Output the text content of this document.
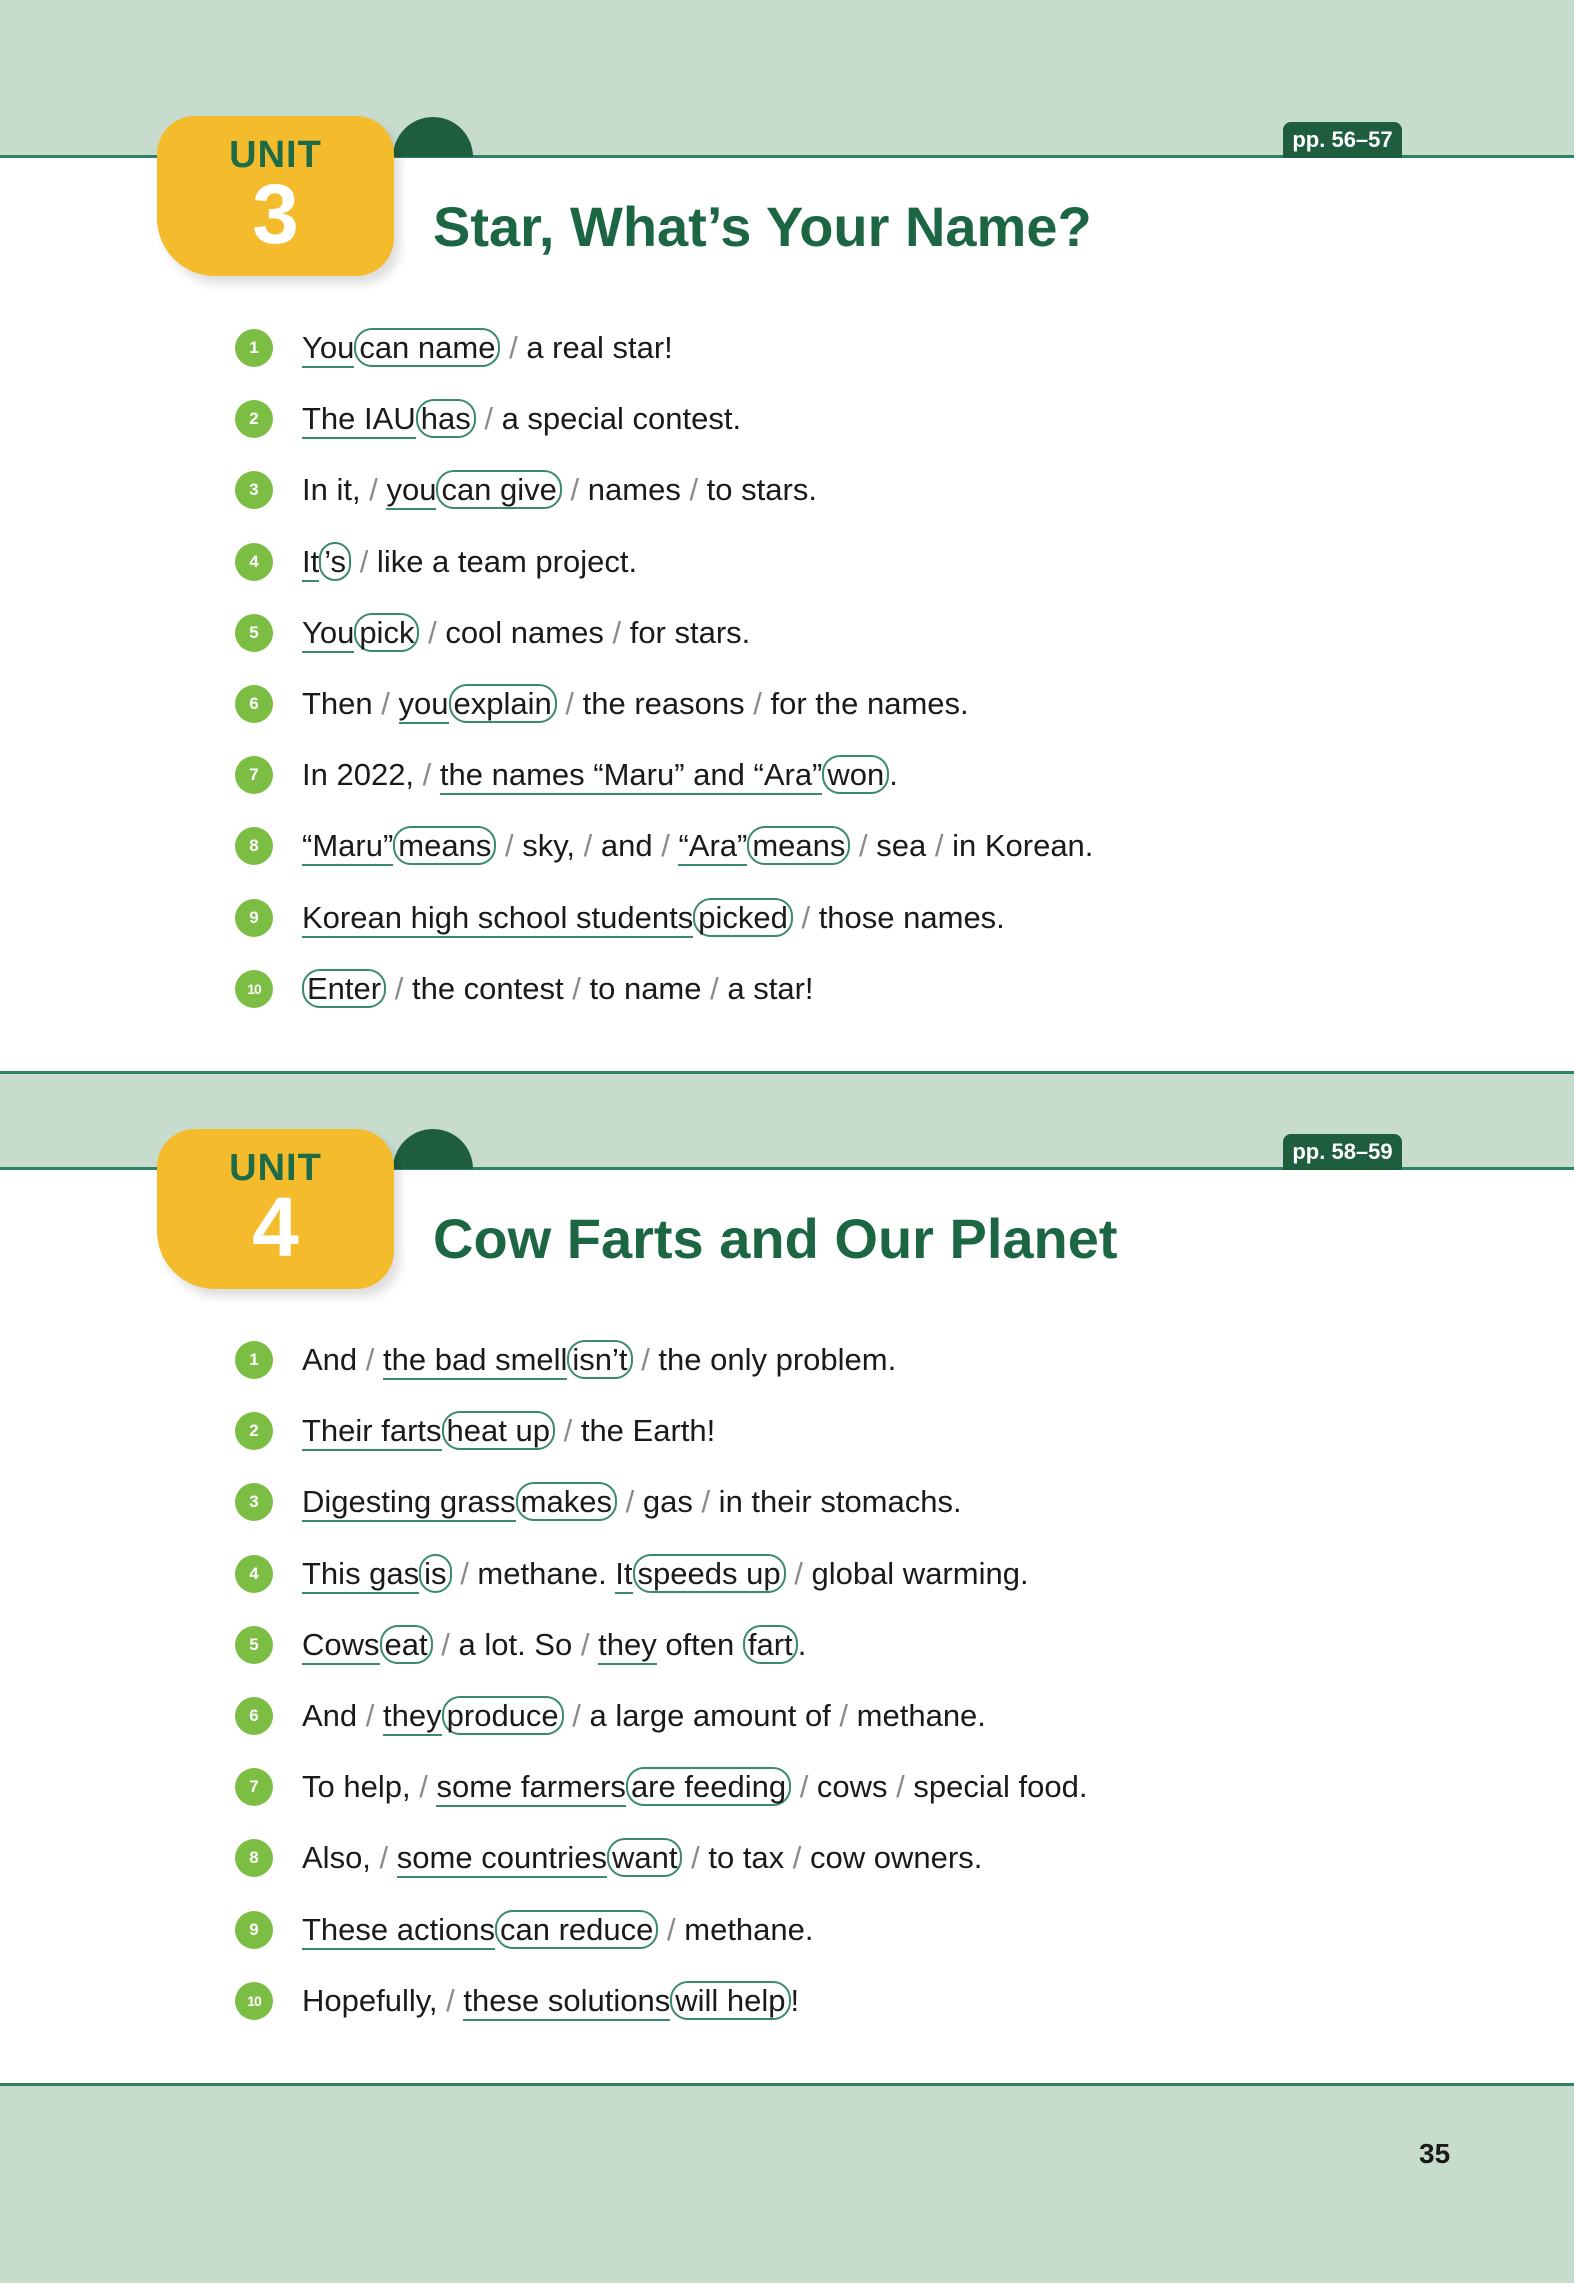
UNIT
3
pp. 56–57
Star, What’s Your Name?
1	You can name / a real star!
2	The IAU has / a special contest.
3	In it, / you can give / names / to stars.
4	It ’s / like a team project.
5	You pick / cool names / for stars.
6	Then / you explain / the reasons / for the names.
7	In 2022, / the names “Maru” and “Ara” won .
8	“Maru” means / sky, / and / “Ara” means / sea / in Korean.
9	Korean high school students picked / those names.
10	Enter / the contest / to name / a star!
UNIT
4
pp. 58–59
Cow Farts and Our Planet
1	And / the bad smell isn’t / the only problem.
2	Their farts heat up / the Earth!
3	Digesting grass makes / gas / in their stomachs.
4	This gas is / methane. It speeds up / global warming.
5	Cows eat / a lot. So / they often fart .
6	And / they produce / a large amount of / methane.
7	To help, / some farmers are feeding / cows / special food.
8	Also, / some countries want / to tax / cow owners.
9	These actions can reduce / methane.
10	Hopefully, / these solutions will help !
35
